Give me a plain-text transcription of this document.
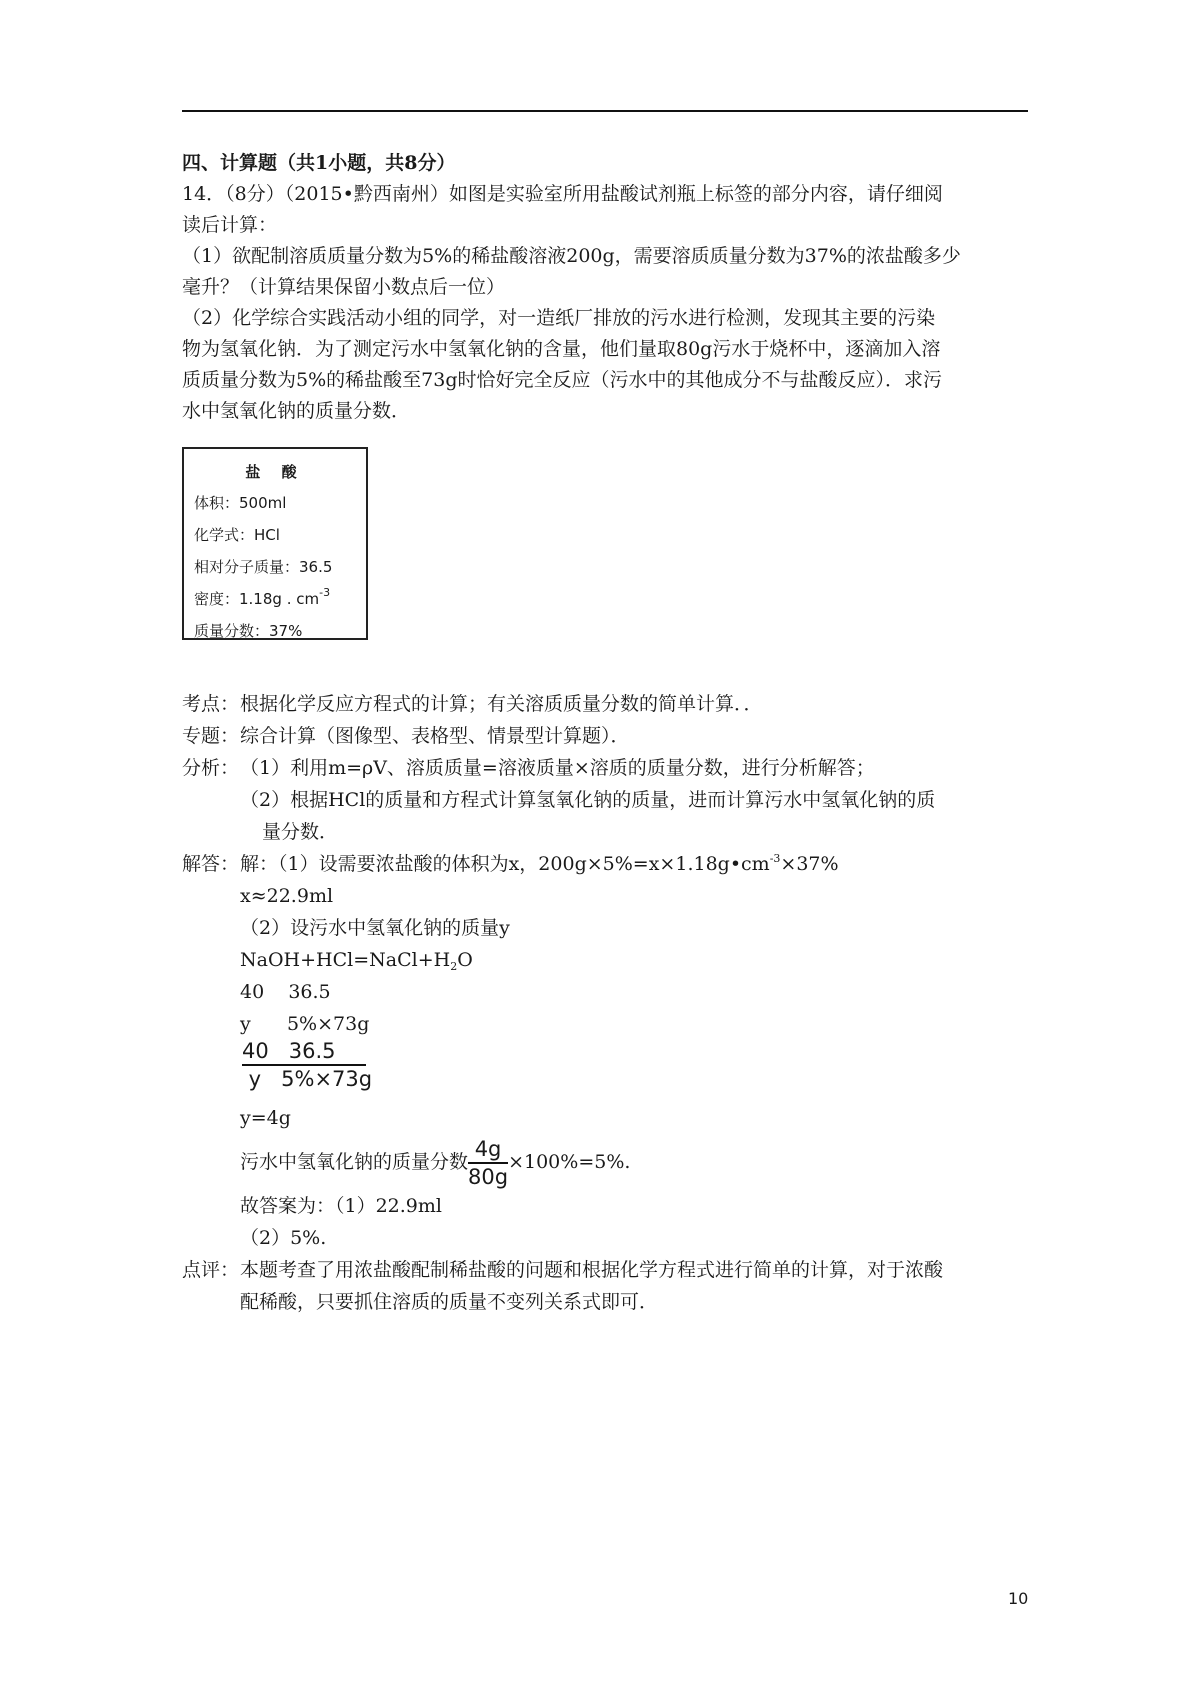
四、计算题（共1小题，共8分）
14．（8分）（2015•黔西南州）如图是实验室所用盐酸试剂瓶上标签的部分内容，请仔细阅
读后计算：
（1）欲配制溶质质量分数为5%的稀盐酸溶液200g，需要溶质质量分数为37%的浓盐酸多少
毫升？（计算结果保留小数点后一位）
（2）化学综合实践活动小组的同学，对一造纸厂排放的污水进行检测，发现其主要的污染
物为氢氧化钠．为了测定污水中氢氧化钠的含量，他们量取80g污水于烧杯中，逐滴加入溶
质质量分数为5%的稀盐酸至73g时恰好完全反应（污水中的其他成分不与盐酸反应）．求污
水中氢氧化钠的质量分数．
盐 酸
体积：500ml
化学式：HCl
相对分子质量：36.5
密度：1.18g . $cm^{-3}$
质量分数：37%
考点： 根据化学反应方程式的计算；有关溶质质量分数的简单计算．．
专题： 综合计算（图像型、表格型、情景型计算题）．
分析： （1）利用m=ρV、溶质质量=溶液质量×溶质的质量分数，进行分析解答；
（2）根据HCl的质量和方程式计算氢氧化钠的质量，进而计算污水中氢氧化钠的质
量分数．
解答： 解：（1）设需要浓盐酸的体积为x，$200g\times 5\%=x\times 1.18g•cm^{-3}\times 37\%$
x≈22.9ml
（2）设污水中氢氧化钠的质量y
$NaOH+HCl=NaCl+H_2O$
40    36.5
y      5%×73g
40   36.5
y   5%×73g
y=4g
污水中氢氧化钠的质量分数 $\frac{4g}{80g} \times 100\%=5\%$.
故答案为：（1）22.9ml
（2）5%.
点评： 本题考查了用浓盐酸配制稀盐酸的问题和根据化学方程式进行简单的计算，对于浓酸
配稀酸，只要抓住溶质的质量不变列关系式即可．
10
